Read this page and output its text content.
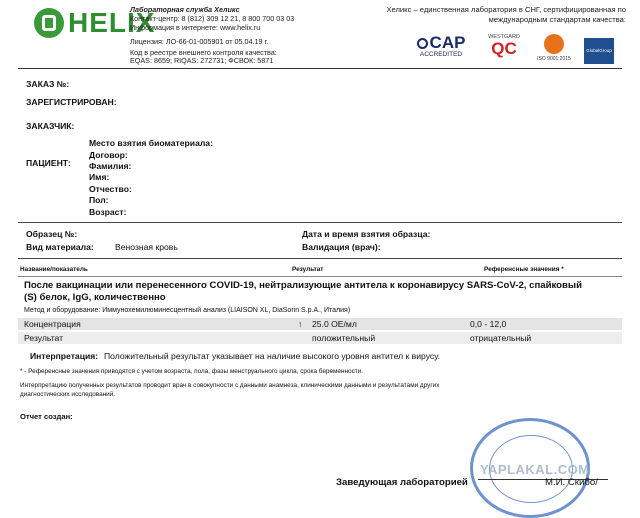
HELIX
Лабораторная служба Хеликс
Контакт-центр: 8 (812) 309 12 21, 8 800 700 03 03
Информация в интернете: www.helix.ru
Лицензия: ЛО-66-01-005901 от 05.04.19 г.
Код в реестре внешнего контроля качества:
EQAS: 8659; RIQAS: 272731; ФСВОК: 5871
Хеликс – единственная лаборатория в СНГ, сертифицированная по международным стандартам качества:
CAP
ACCREDITED
WESTGARD
QC
ISO 9001:2015
GlobalGroup
ЗАКАЗ №:
ЗАРЕГИСТРИРОВАН:
ЗАКАЗЧИК:
ПАЦИЕНТ:
Место взятия биоматериала:
Договор:
Фамилия:
Имя:
Отчество:
Пол:
Возраст:
Образец №:
Вид материала: Венозная кровь
Дата и время взятия образца:
Валидация (врач):
Название/показатель	Результат	Референсные значения *
После вакцинации или перенесенного COVID-19, нейтрализующие антитела к коронавирусу SARS-CoV-2, спайковый
(S) белок, IgG, количественно
Метод и оборудование: Иммунохемилюминесцентный анализ (LIAISON XL, DiaSorin S.p.A., Италия)
Концентрация	↑ 25.0 ОЕ/мл	0,0 - 12,0
Результат	положительный	отрицательный
Интерпретация: Положительный результат указывает на наличие высокого уровня антител к вирусу.
* - Референсные значения приводятся с учетом возраста, пола, фазы менструального цикла, срока беременности.
Интерпретацию полученных результатов проводит врач в совокупности с данными анамнеза, клиническими данными и результатами других
диагностических исследований.
Отчет создан:
YAPLAKAL.COM
Заведующая лабораторией	М.И. Скибо/
